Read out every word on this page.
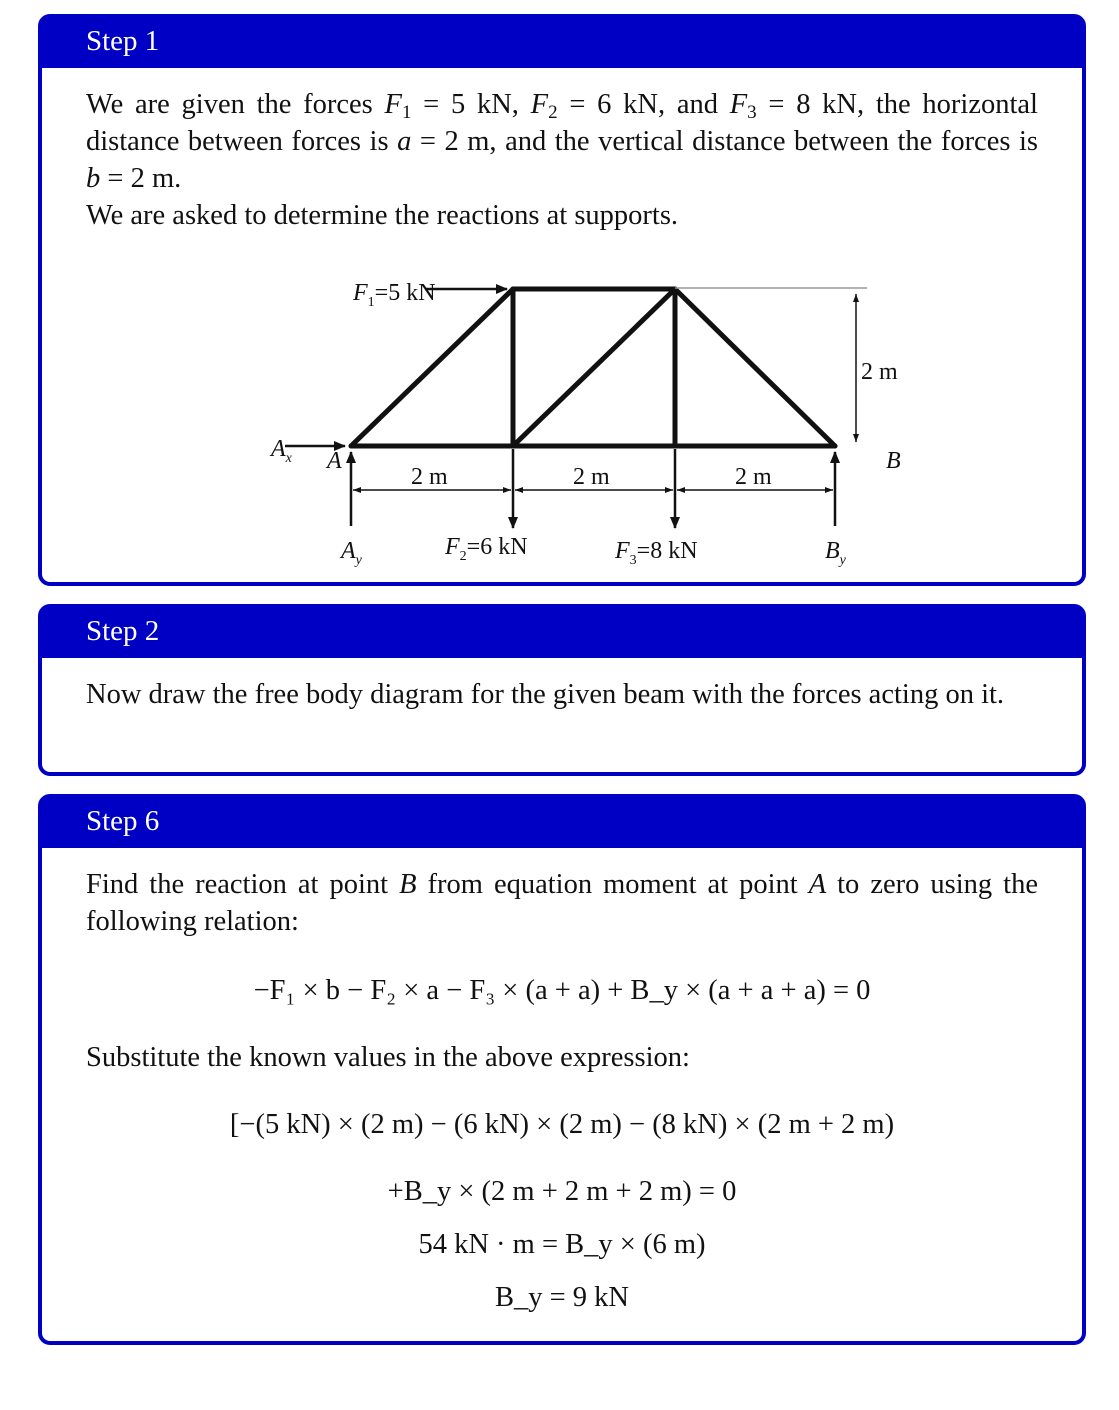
Step 1

We are given the forces $F_1 = 5$ kN, $F_2 = 6$ kN, and $F_3 = 8$ kN, the horizontal distance between forces is a = 2 m, and the vertical distance between the forces is b = 2 m.

We are asked to determine the reactions at supports.

2 m
$F_1=5$ kN
$A_x$ A	B
$A_y$	$B_y$
$F_2=6$ kN	$F_3=8$ kN
2 m	2 m	2 m
Step 2

Now draw the free body diagram for the given beam with the forces acting on it.

Step 6

Find the reaction at point B from equation moment at point A to zero using the following relation:

−F₁ × b − F₂ × a − F₃ × (a + a) + B_y × (a + a + a) = 0

Substitute the known values in the above expression:

[−(5 kN) × (2 m) − (6 kN) × (2 m) − (8 kN) × (2 m + 2 m)

+B_y × (2 m + 2 m + 2 m) = 0

54 kN · m = B_y × (6 m)

B_y = 9 kN
